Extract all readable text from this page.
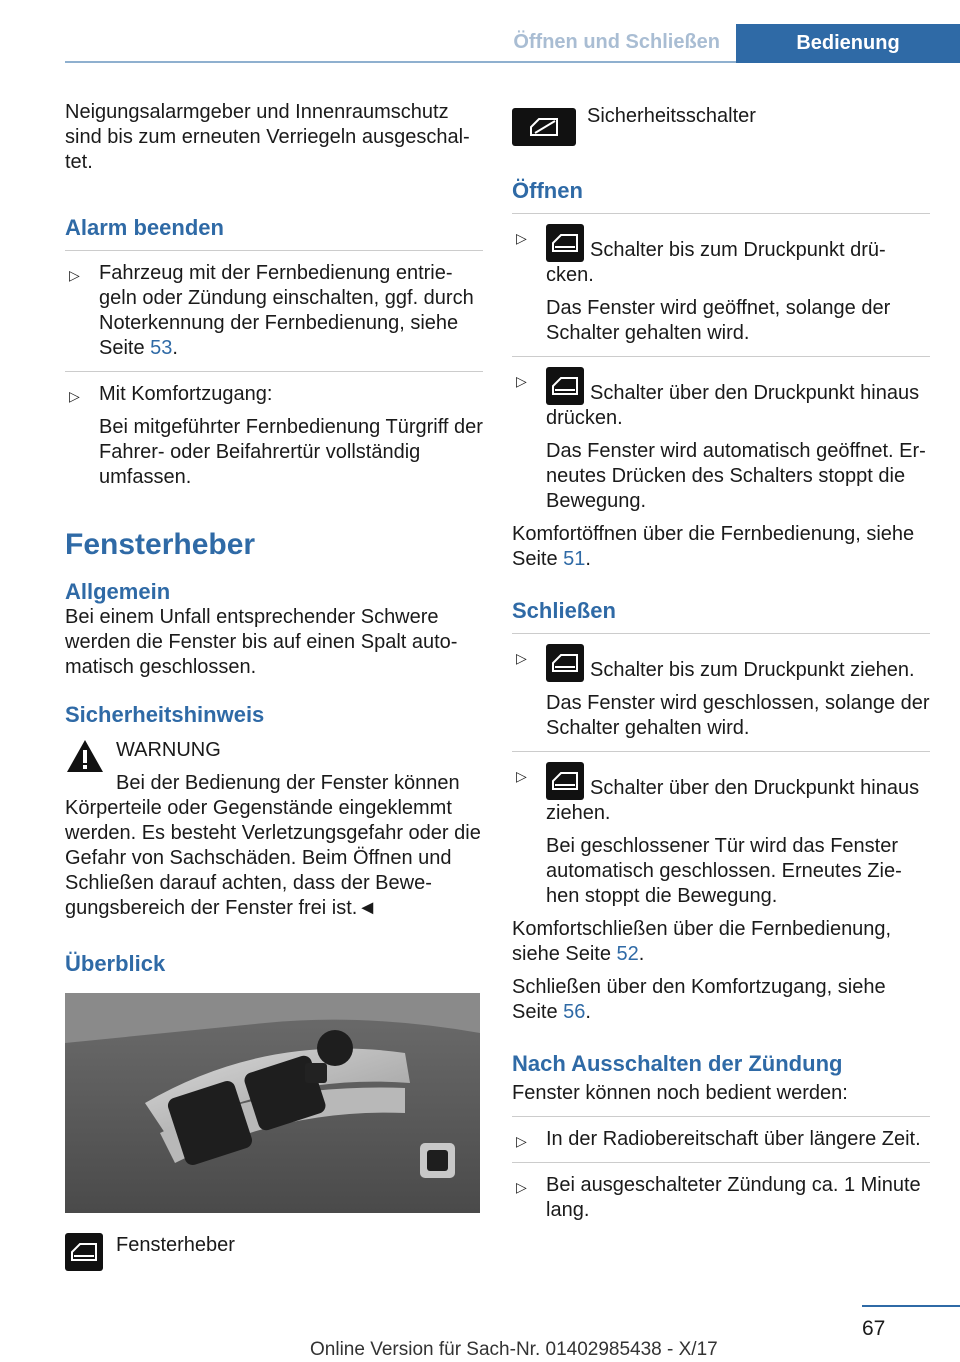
Öffnen und Schließen	Bedienung

Neigungsalarmgeber und Innenraumschutz sind bis zum erneuten Verriegeln ausgeschal-tet.

Alarm beenden

▷ Fahrzeug mit der Fernbedienung entrie-geln oder Zündung einschalten, ggf. durch Noterkennung der Fernbedienung, siehe Seite 53.
▷ Mit Komfortzugang:
Bei mitgeführter Fernbedienung Türgriff der Fahrer- oder Beifahrertür vollständig umfassen.

Fensterheber

Allgemein

Bei einem Unfall entsprechender Schwere werden die Fenster bis auf einen Spalt auto-matisch geschlossen.

Sicherheitshinweis

WARNUNG

Bei der Bedienung der Fenster können Körperteile oder Gegenstände eingeklemmt werden. Es besteht Verletzungsgefahr oder die Gefahr von Sachschäden. Beim Öffnen und Schließen darauf achten, dass der Bewe-gungsbereich der Fenster frei ist.◄

Überblick

Fensterheber

Sicherheitsschalter

Öffnen

▷
Schalter bis zum Druckpunkt drü-cken.
Das Fenster wird geöffnet, solange der Schalter gehalten wird.
▷
Schalter über den Druckpunkt hinaus drücken.
Das Fenster wird automatisch geöffnet. Er-neutes Drücken des Schalters stoppt die Bewegung.

Komfortöffnen über die Fernbedienung, siehe Seite 51.

Schließen

▷
Schalter bis zum Druckpunkt ziehen.
Das Fenster wird geschlossen, solange der Schalter gehalten wird.
▷
Schalter über den Druckpunkt hinaus ziehen.
Bei geschlossener Tür wird das Fenster automatisch geschlossen. Erneutes Zie-hen stoppt die Bewegung.

Komfortschließen über die Fernbedienung, siehe Seite 52.

Schließen über den Komfortzugang, siehe Seite 56.

Nach Ausschalten der Zündung

Fenster können noch bedient werden:

▷ In der Radiobereitschaft über längere Zeit.
▷ Bei ausgeschalteter Zündung ca. 1 Minute lang.
67
Online Version für Sach-Nr. 01402985438 - X/17
